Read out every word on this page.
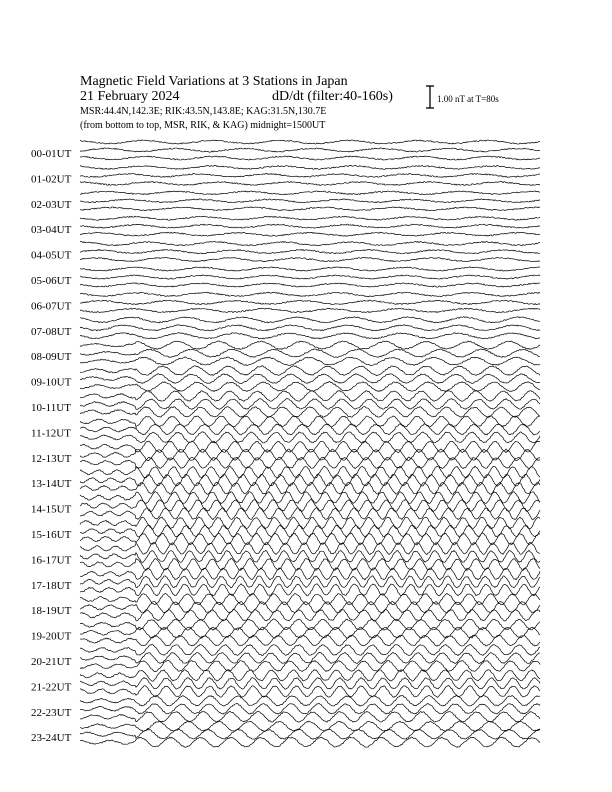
Magnetic Field Variations at 3 Stations in Japan
21 February 2024	dD/dt (filter:40-160s)
MSR:44.4N,142.3E; RIK:43.5N,143.8E; KAG:31.5N,130.7E
(from bottom to top, MSR, RIK, & KAG) midnight=1500UT
1.00 nT at T=80s
00-01UT
01-02UT
02-03UT
03-04UT
04-05UT
05-06UT
06-07UT
07-08UT
08-09UT
09-10UT
10-11UT
11-12UT
12-13UT
13-14UT
14-15UT
15-16UT
16-17UT
17-18UT
18-19UT
19-20UT
20-21UT
21-22UT
22-23UT
23-24UT
